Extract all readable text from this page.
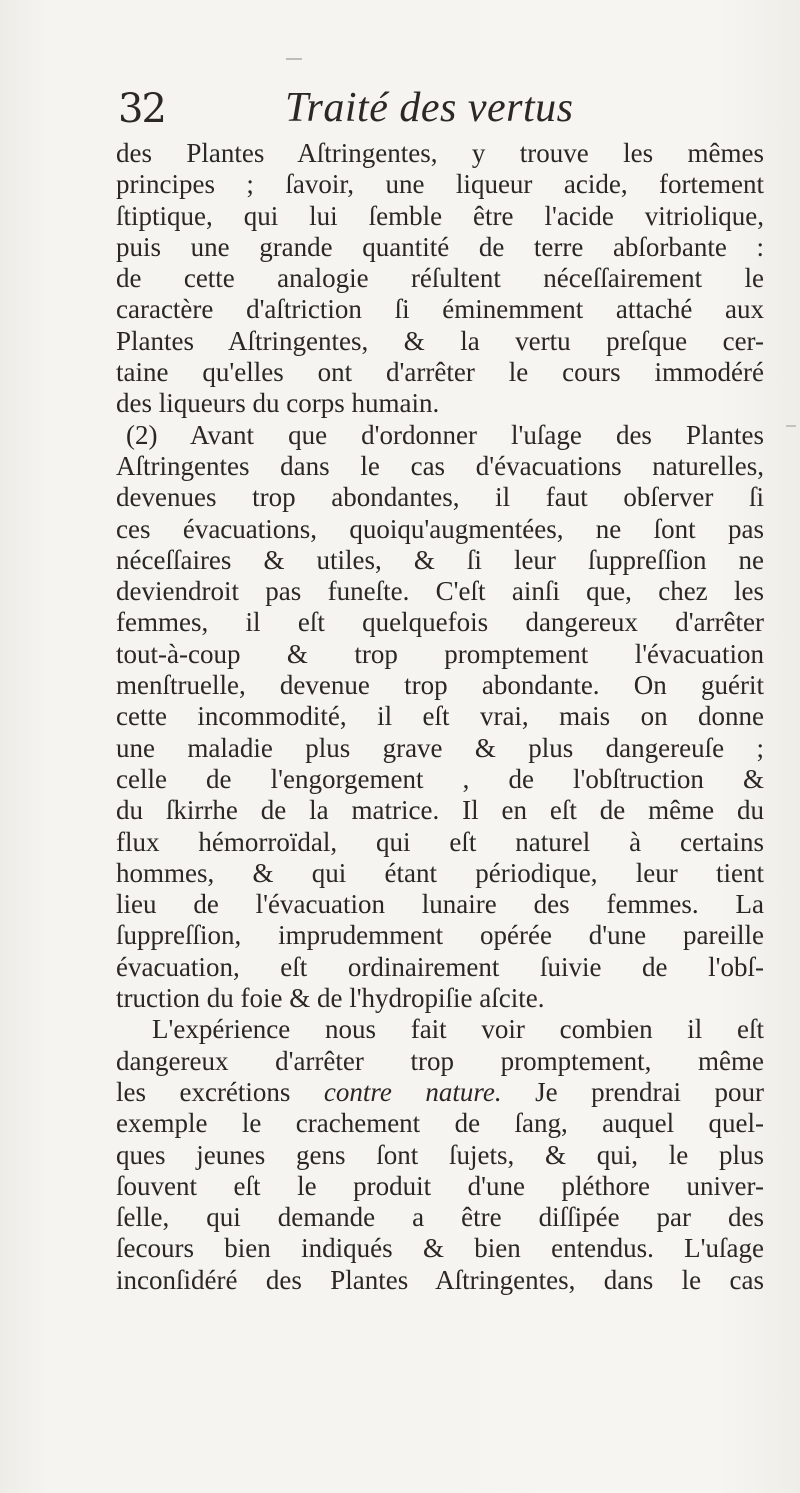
32	Traité des vertus
des Plantes Aſtringentes, y trouve les mêmes
principes ; ſavoir, une liqueur acide, fortement
ſtiptique, qui lui ſemble être l'acide vitriolique,
puis une grande quantité de terre abſorbante :
de cette analogie réſultent néceſſairement le
caractère d'aſtriction ſi éminemment attaché aux
Plantes Aſtringentes, & la vertu preſque cer-
taine qu'elles ont d'arrêter le cours immodéré
des liqueurs du corps humain.
(2) Avant que d'ordonner l'uſage des Plantes
Aſtringentes dans le cas d'évacuations naturelles,
devenues trop abondantes, il faut obſerver ſi
ces évacuations, quoiqu'augmentées, ne ſont pas
néceſſaires & utiles, & ſi leur ſuppreſſion ne
deviendroit pas funeſte. C'eſt ainſi que, chez les
femmes, il eſt quelquefois dangereux d'arrêter
tout-à-coup & trop promptement l'évacuation
menſtruelle, devenue trop abondante. On guérit
cette incommodité, il eſt vrai, mais on donne
une maladie plus grave & plus dangereuſe ;
celle de l'engorgement , de l'obſtruction &
du ſkirrhe de la matrice. Il en eſt de même du
flux hémorroïdal, qui eſt naturel à certains
hommes, & qui étant périodique, leur tient
lieu de l'évacuation lunaire des femmes. La
ſuppreſſion, imprudemment opérée d'une pareille
évacuation, eſt ordinairement ſuivie de l'obſ-
truction du foie & de l'hydropiſie aſcite.
L'expérience nous fait voir combien il eſt
dangereux d'arrêter trop promptement, même
les excrétions contre nature. Je prendrai pour
exemple le crachement de ſang, auquel quel-
ques jeunes gens ſont ſujets, & qui, le plus
ſouvent eſt le produit d'une pléthore univer-
ſelle, qui demande a être diſſipée par des
ſecours bien indiqués & bien entendus. L'uſage
inconſidéré des Plantes Aſtringentes, dans le cas
